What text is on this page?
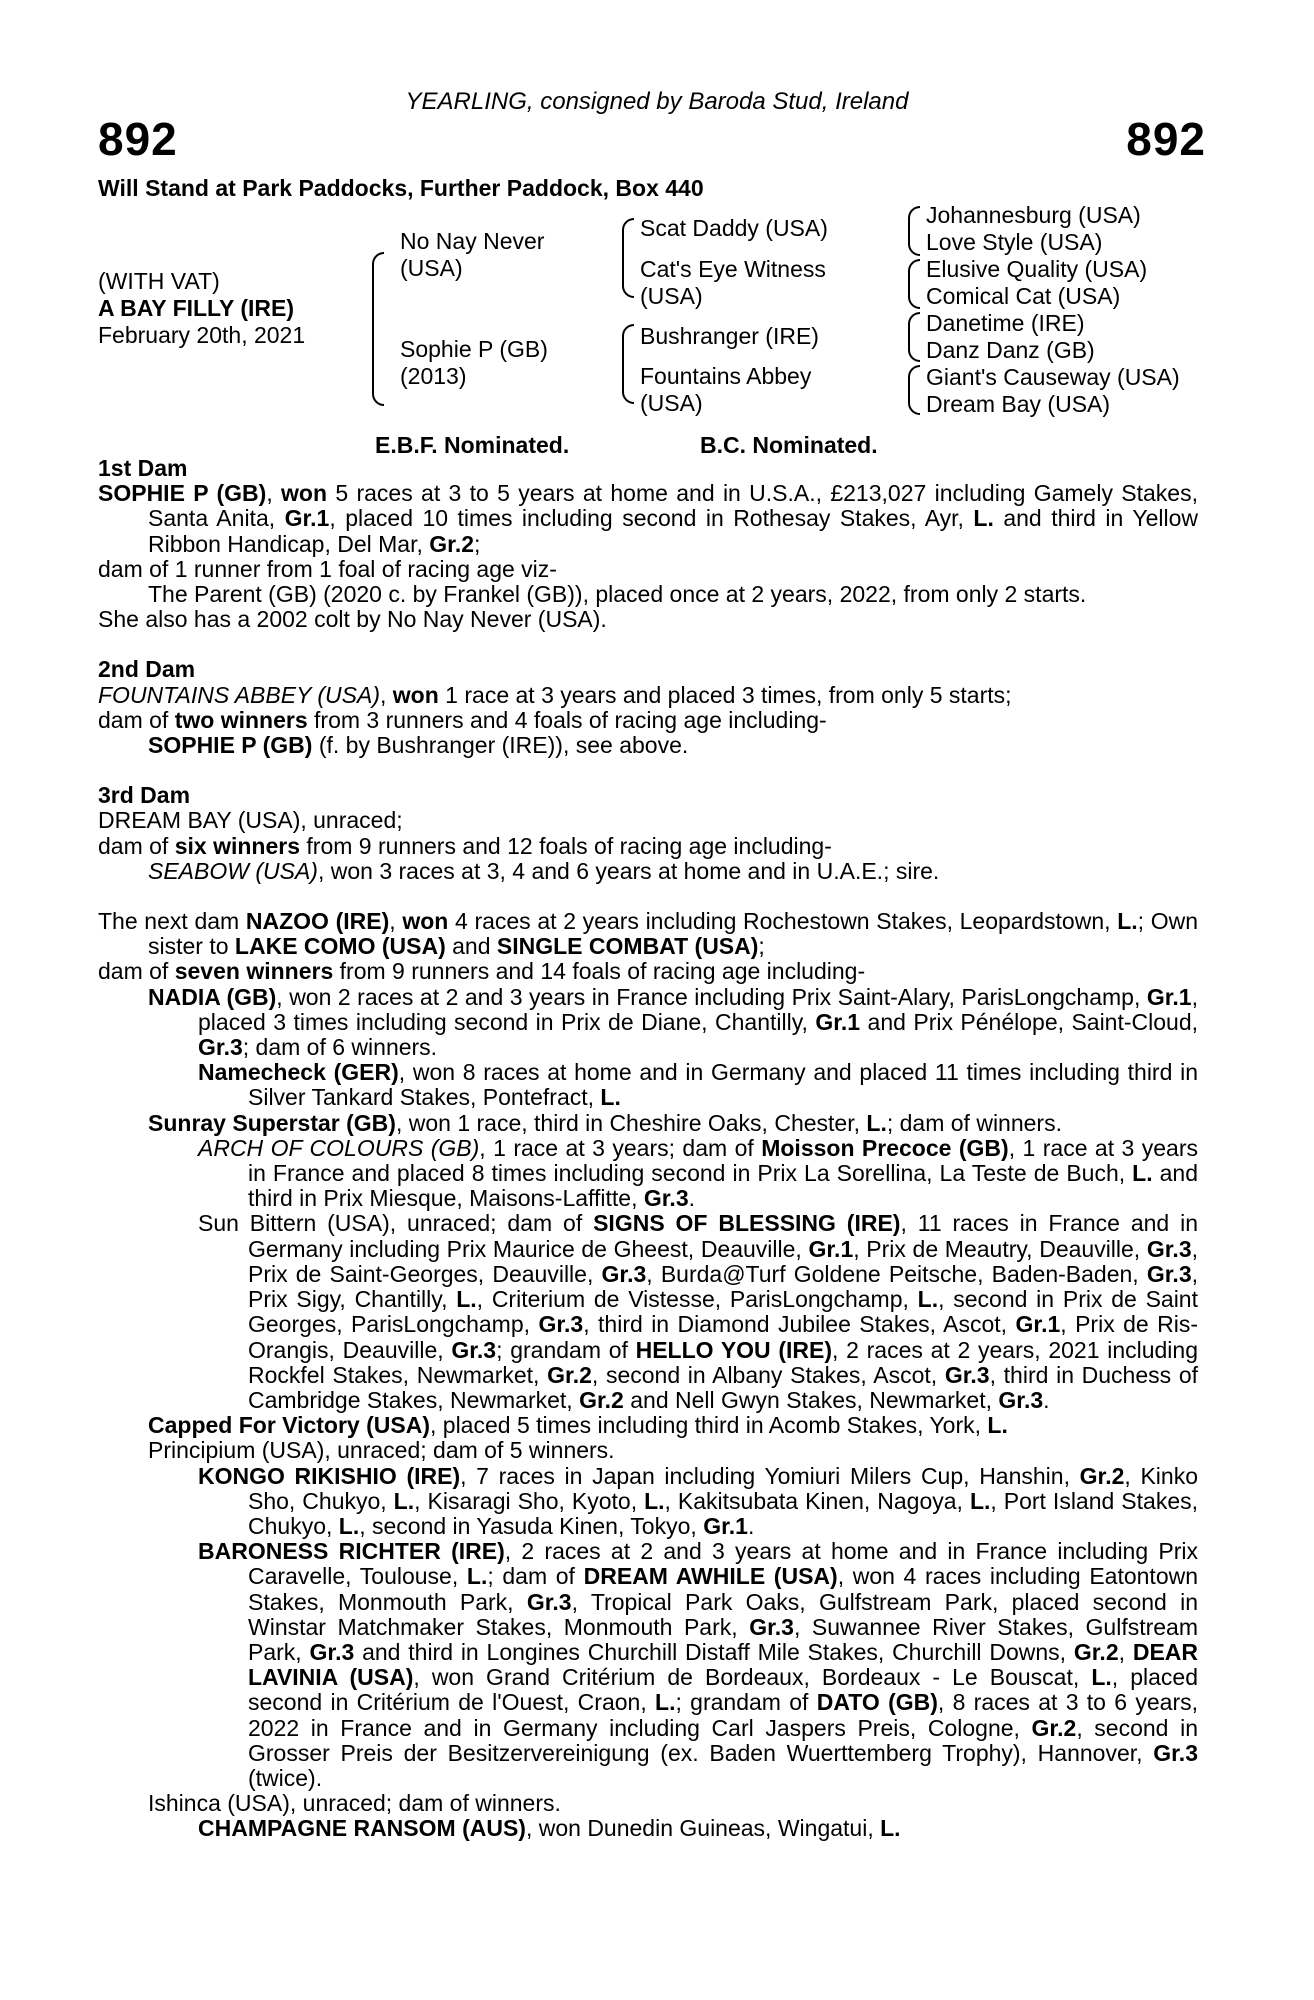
YEARLING, consigned by Baroda Stud, Ireland
892	892
Will Stand at Park Paddocks, Further Paddock, Box 440
(WITH VAT)
A BAY FILLY (IRE)
February 20th, 2021
No Nay Never
(USA)
Sophie P (GB)
(2013)
Scat Daddy (USA)
Cat's Eye Witness
(USA)
Bushranger (IRE)
Fountains Abbey
(USA)
Johannesburg (USA)
Love Style (USA)
Elusive Quality (USA)
Comical Cat (USA)
Danetime (IRE)
Danz Danz (GB)
Giant's Causeway (USA)
Dream Bay (USA)
E.B.F. Nominated.	B.C. Nominated.

1st Dam

SOPHIE P (GB), won 5 races at 3 to 5 years at home and in U.S.A., £213,027 including Gamely Stakes, Santa Anita, Gr.1, placed 10 times including second in Rothesay Stakes, Ayr, L. and third in Yellow Ribbon Handicap, Del Mar, Gr.2;

dam of 1 runner from 1 foal of racing age viz-

The Parent (GB) (2020 c. by Frankel (GB)), placed once at 2 years, 2022, from only 2 starts.

She also has a 2002 colt by No Nay Never (USA).

2nd Dam

FOUNTAINS ABBEY (USA), won 1 race at 3 years and placed 3 times, from only 5 starts;

dam of two winners from 3 runners and 4 foals of racing age including-

SOPHIE P (GB) (f. by Bushranger (IRE)), see above.

3rd Dam

DREAM BAY (USA), unraced;

dam of six winners from 9 runners and 12 foals of racing age including-

SEABOW (USA), won 3 races at 3, 4 and 6 years at home and in U.A.E.; sire.

The next dam NAZOO (IRE), won 4 races at 2 years including Rochestown Stakes, Leopardstown, L.; Own sister to LAKE COMO (USA) and SINGLE COMBAT (USA);

dam of seven winners from 9 runners and 14 foals of racing age including-

NADIA (GB), won 2 races at 2 and 3 years in France including Prix Saint-Alary, ParisLongchamp, Gr.1, placed 3 times including second in Prix de Diane, Chantilly, Gr.1 and Prix Pénélope, Saint-Cloud, Gr.3; dam of 6 winners.

Namecheck (GER), won 8 races at home and in Germany and placed 11 times including third in Silver Tankard Stakes, Pontefract, L.

Sunray Superstar (GB), won 1 race, third in Cheshire Oaks, Chester, L.; dam of winners.

ARCH OF COLOURS (GB), 1 race at 3 years; dam of Moisson Precoce (GB), 1 race at 3 years in France and placed 8 times including second in Prix La Sorellina, La Teste de Buch, L. and third in Prix Miesque, Maisons-Laffitte, Gr.3.

Sun Bittern (USA), unraced; dam of SIGNS OF BLESSING (IRE), 11 races in France and in Germany including Prix Maurice de Gheest, Deauville, Gr.1, Prix de Meautry, Deauville, Gr.3, Prix de Saint-Georges, Deauville, Gr.3, Burda@Turf Goldene Peitsche, Baden-Baden, Gr.3, Prix Sigy, Chantilly, L., Criterium de Vistesse, ParisLongchamp, L., second in Prix de Saint Georges, ParisLongchamp, Gr.3, third in Diamond Jubilee Stakes, Ascot, Gr.1, Prix de Ris-Orangis, Deauville, Gr.3; grandam of HELLO YOU (IRE), 2 races at 2 years, 2021 including Rockfel Stakes, Newmarket, Gr.2, second in Albany Stakes, Ascot, Gr.3, third in Duchess of Cambridge Stakes, Newmarket, Gr.2 and Nell Gwyn Stakes, Newmarket, Gr.3.

Capped For Victory (USA), placed 5 times including third in Acomb Stakes, York, L.

Principium (USA), unraced; dam of 5 winners.

KONGO RIKISHIO (IRE), 7 races in Japan including Yomiuri Milers Cup, Hanshin, Gr.2, Kinko Sho, Chukyo, L., Kisaragi Sho, Kyoto, L., Kakitsubata Kinen, Nagoya, L., Port Island Stakes, Chukyo, L., second in Yasuda Kinen, Tokyo, Gr.1.

BARONESS RICHTER (IRE), 2 races at 2 and 3 years at home and in France including Prix Caravelle, Toulouse, L.; dam of DREAM AWHILE (USA), won 4 races including Eatontown Stakes, Monmouth Park, Gr.3, Tropical Park Oaks, Gulfstream Park, placed second in Winstar Matchmaker Stakes, Monmouth Park, Gr.3, Suwannee River Stakes, Gulfstream Park, Gr.3 and third in Longines Churchill Distaff Mile Stakes, Churchill Downs, Gr.2, DEAR LAVINIA (USA), won Grand Critérium de Bordeaux, Bordeaux - Le Bouscat, L., placed second in Critérium de l'Ouest, Craon, L.; grandam of DATO (GB), 8 races at 3 to 6 years, 2022 in France and in Germany including Carl Jaspers Preis, Cologne, Gr.2, second in Grosser Preis der Besitzervereinigung (ex. Baden Wuerttemberg Trophy), Hannover, Gr.3 (twice).

Ishinca (USA), unraced; dam of winners.

CHAMPAGNE RANSOM (AUS), won Dunedin Guineas, Wingatui, L.
